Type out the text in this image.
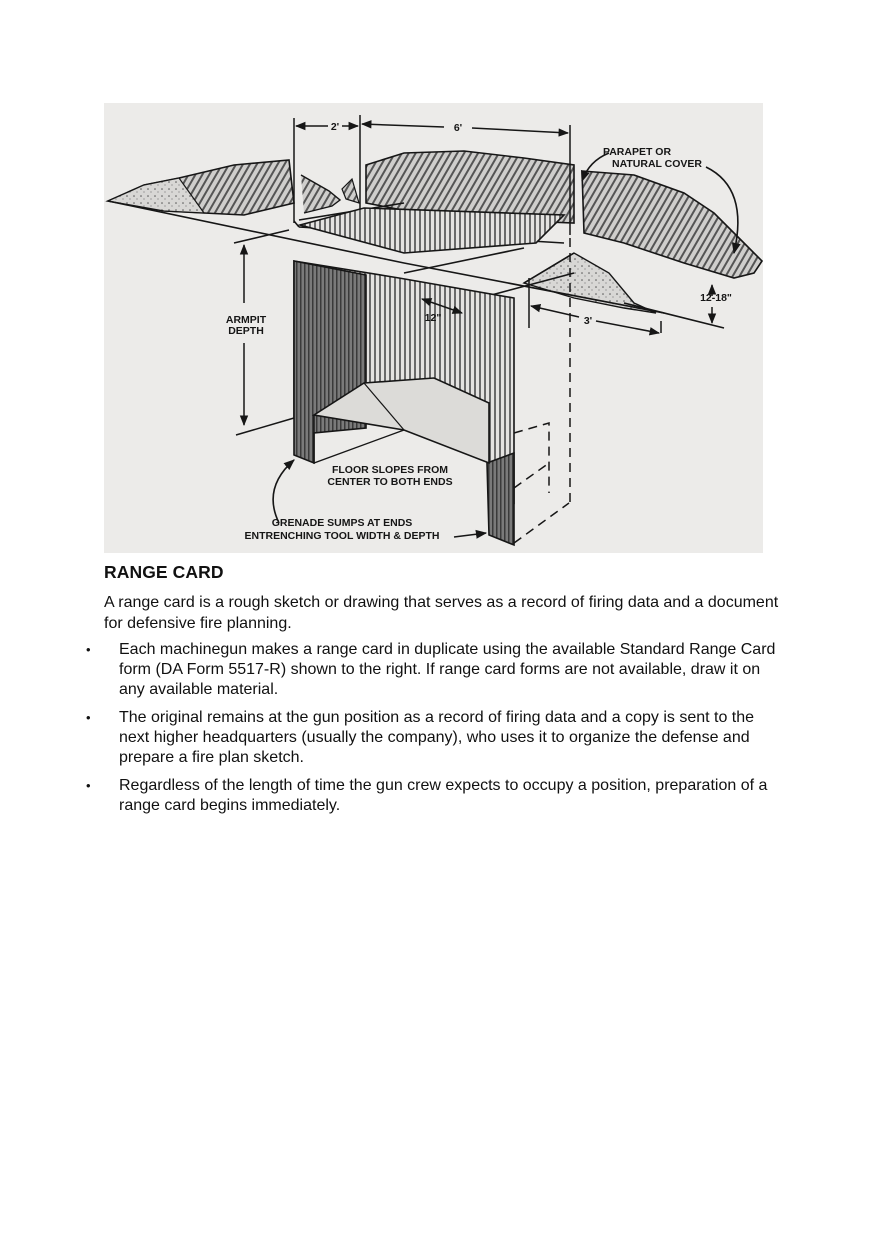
2'	6'
PARAPET OR
NATURAL COVER
12-18"
ARMPIT
DEPTH
12"	3'
FLOOR SLOPES FROM
CENTER TO BOTH ENDS
GRENADE SUMPS AT ENDS
ENTRENCHING TOOL WIDTH & DEPTH
RANGE CARD

A range card is a rough sketch or drawing that serves as a record of firing data and a document for defensive fire planning.

•	Each machinegun makes a range card in duplicate using the available Standard Range Card form (DA Form 5517-R) shown to the right. If range card forms are not available, draw it on any available material.
•	The original remains at the gun position as a record of firing data and a copy is sent to the next higher headquarters (usually the company), who uses it to organize the defense and prepare a fire plan sketch.
•	Regardless of the length of time the gun crew expects to occupy a position, preparation of a range card begins immediately.
